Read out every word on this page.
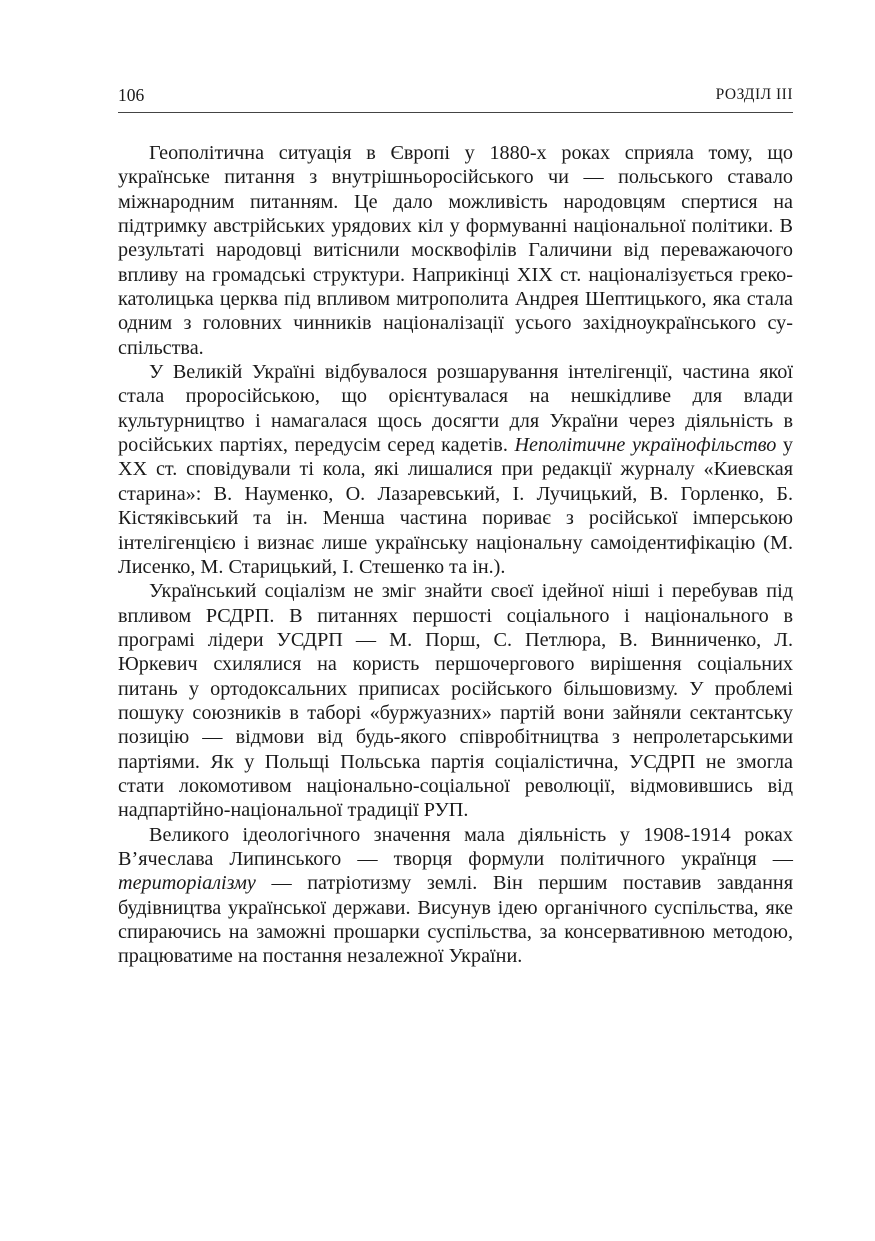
106	РОЗДІЛ III

Геополітична ситуація в Європі у 1880-х роках сприяла тому, що українське питання з внутрішньоросійського чи — польського ставало міжнародним питанням. Це дало можливість народовцям спертися на підтримку австрійських урядових кіл у формуванні національної політики. В результаті народовці витіснили москвофілів Галичини від переважаючого впливу на громадські структури. Наприкінці XIX ст. націоналізується греко-католицька церква під впливом митрополита Андрея Шептицького, яка стала одним з головних чинників націоналізації усього західноукраїнського суспільства.

У Великій Україні відбувалося розшарування інтелігенції, частина якої стала проросійською, що орієнтувалася на нешкідливе для влади культурництво і намагалася щось досягти для України через діяльність в російських партіях, передусім серед кадетів. Неполітичне українофільство у XX ст. сповідували ті кола, які лишалися при редакції журналу «Киевская старина»: В. Науменко, О. Лазаревський, І. Лучицький, В. Горленко, Б. Кістяківський та ін. Менша частина пориває з російської імперською інтелігенцією і визнає лише українську національну самоідентифікацію (М. Лисенко, М. Старицький, І. Стешенко та ін.).

Український соціалізм не зміг знайти своєї ідейної ніші і перебував під впливом РСДРП. В питаннях першості соціального і національного в програмі лідери УСДРП — М. Порш, С. Петлюра, В. Винниченко, Л. Юркевич схилялися на користь першочергового вирішення соціальних питань у ортодоксальних приписах російського більшовизму. У проблемі пошуку союзників в таборі «буржуазних» партій вони зайняли сектантську позицію — відмови від будь-якого співробітництва з непролетарськими партіями. Як у Польщі Польська партія соціалістична, УСДРП не змогла стати локомотивом національно-соціальної революції, відмовившись від надпартійно-національної традиції РУП.

Великого ідеологічного значення мала діяльність у 1908-1914 роках В’ячеслава Липинського — творця формули політичного українця — територіалізму — патріотизму землі. Він першим поставив завдання будівництва української держави. Висунув ідею органічного суспільства, яке спираючись на заможні прошарки суспільства, за консервативною методою, працюватиме на постання незалежної України.
